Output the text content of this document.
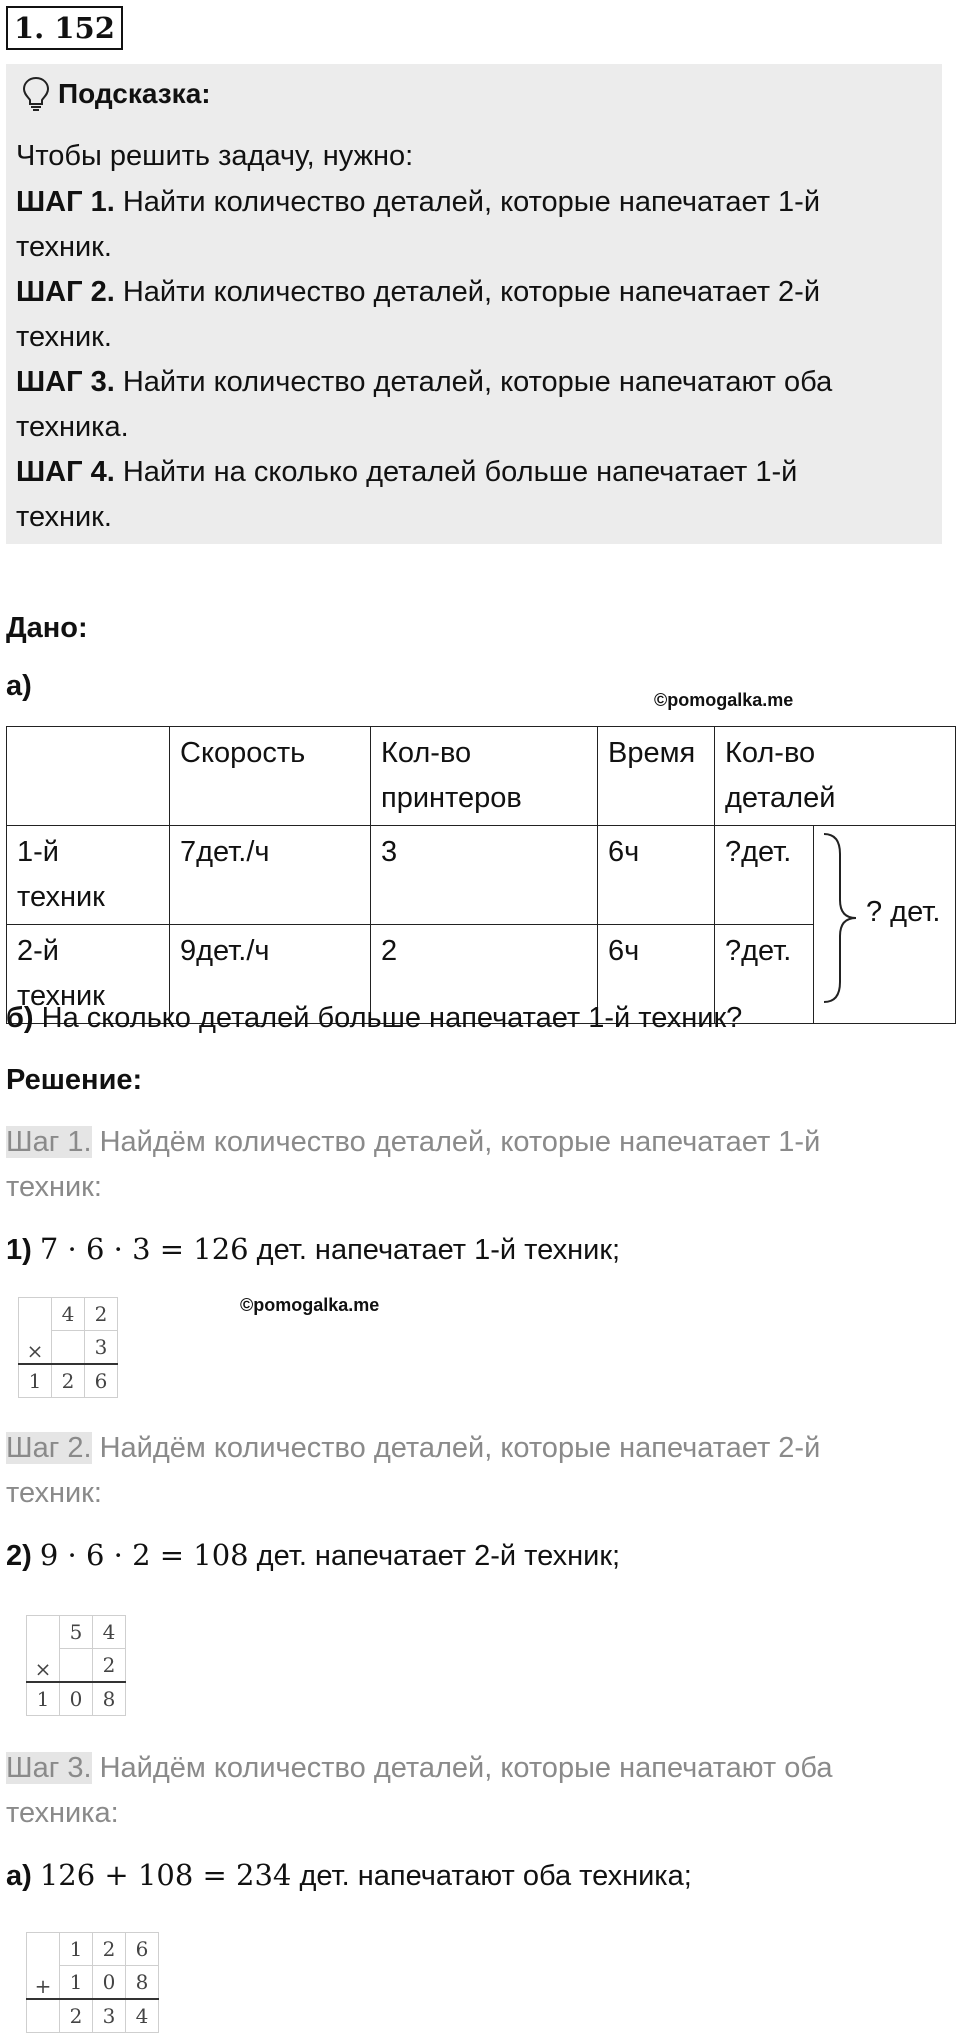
1. 152
Подсказка:
Чтобы решить задачу, нужно:
ШАГ 1. Найти количество деталей, которые напечатает 1-й
техник.
ШАГ 2. Найти количество деталей, которые напечатает 2-й
техник.
ШАГ 3. Найти количество деталей, которые напечатают оба
техника.
ШАГ 4. Найти на сколько деталей больше напечатает 1-й
техник.
Дано:
а)	©pomogalka.me
	Скорость	Кол-во принтеров	Время	Кол-во деталей	
1-й техник	7дет./ч	3	6ч	?дет.	? дет.

2-й техник	9дет./ч	2	6ч	?дет.	
б) На сколько деталей больше напечатает 1-й техник?
Решение:
Шаг 1. Найдём количество деталей, которые напечатает 1-й
техник:
1) 7 · 6 · 3 = 126 дет. напечатает 1-й техник;
×	4	2
		3
1	2	6
©pomogalka.me
Шаг 2. Найдём количество деталей, которые напечатает 2-й
техник:
2) 9 · 6 · 2 = 108 дет. напечатает 2-й техник;
×	5	4
		2
1	0	8
Шаг 3. Найдём количество деталей, которые напечатают оба
техника:
а) 126 + 108 = 234 дет. напечатают оба техника;
+	1	2	6
	1	0	8
	2	3	4
